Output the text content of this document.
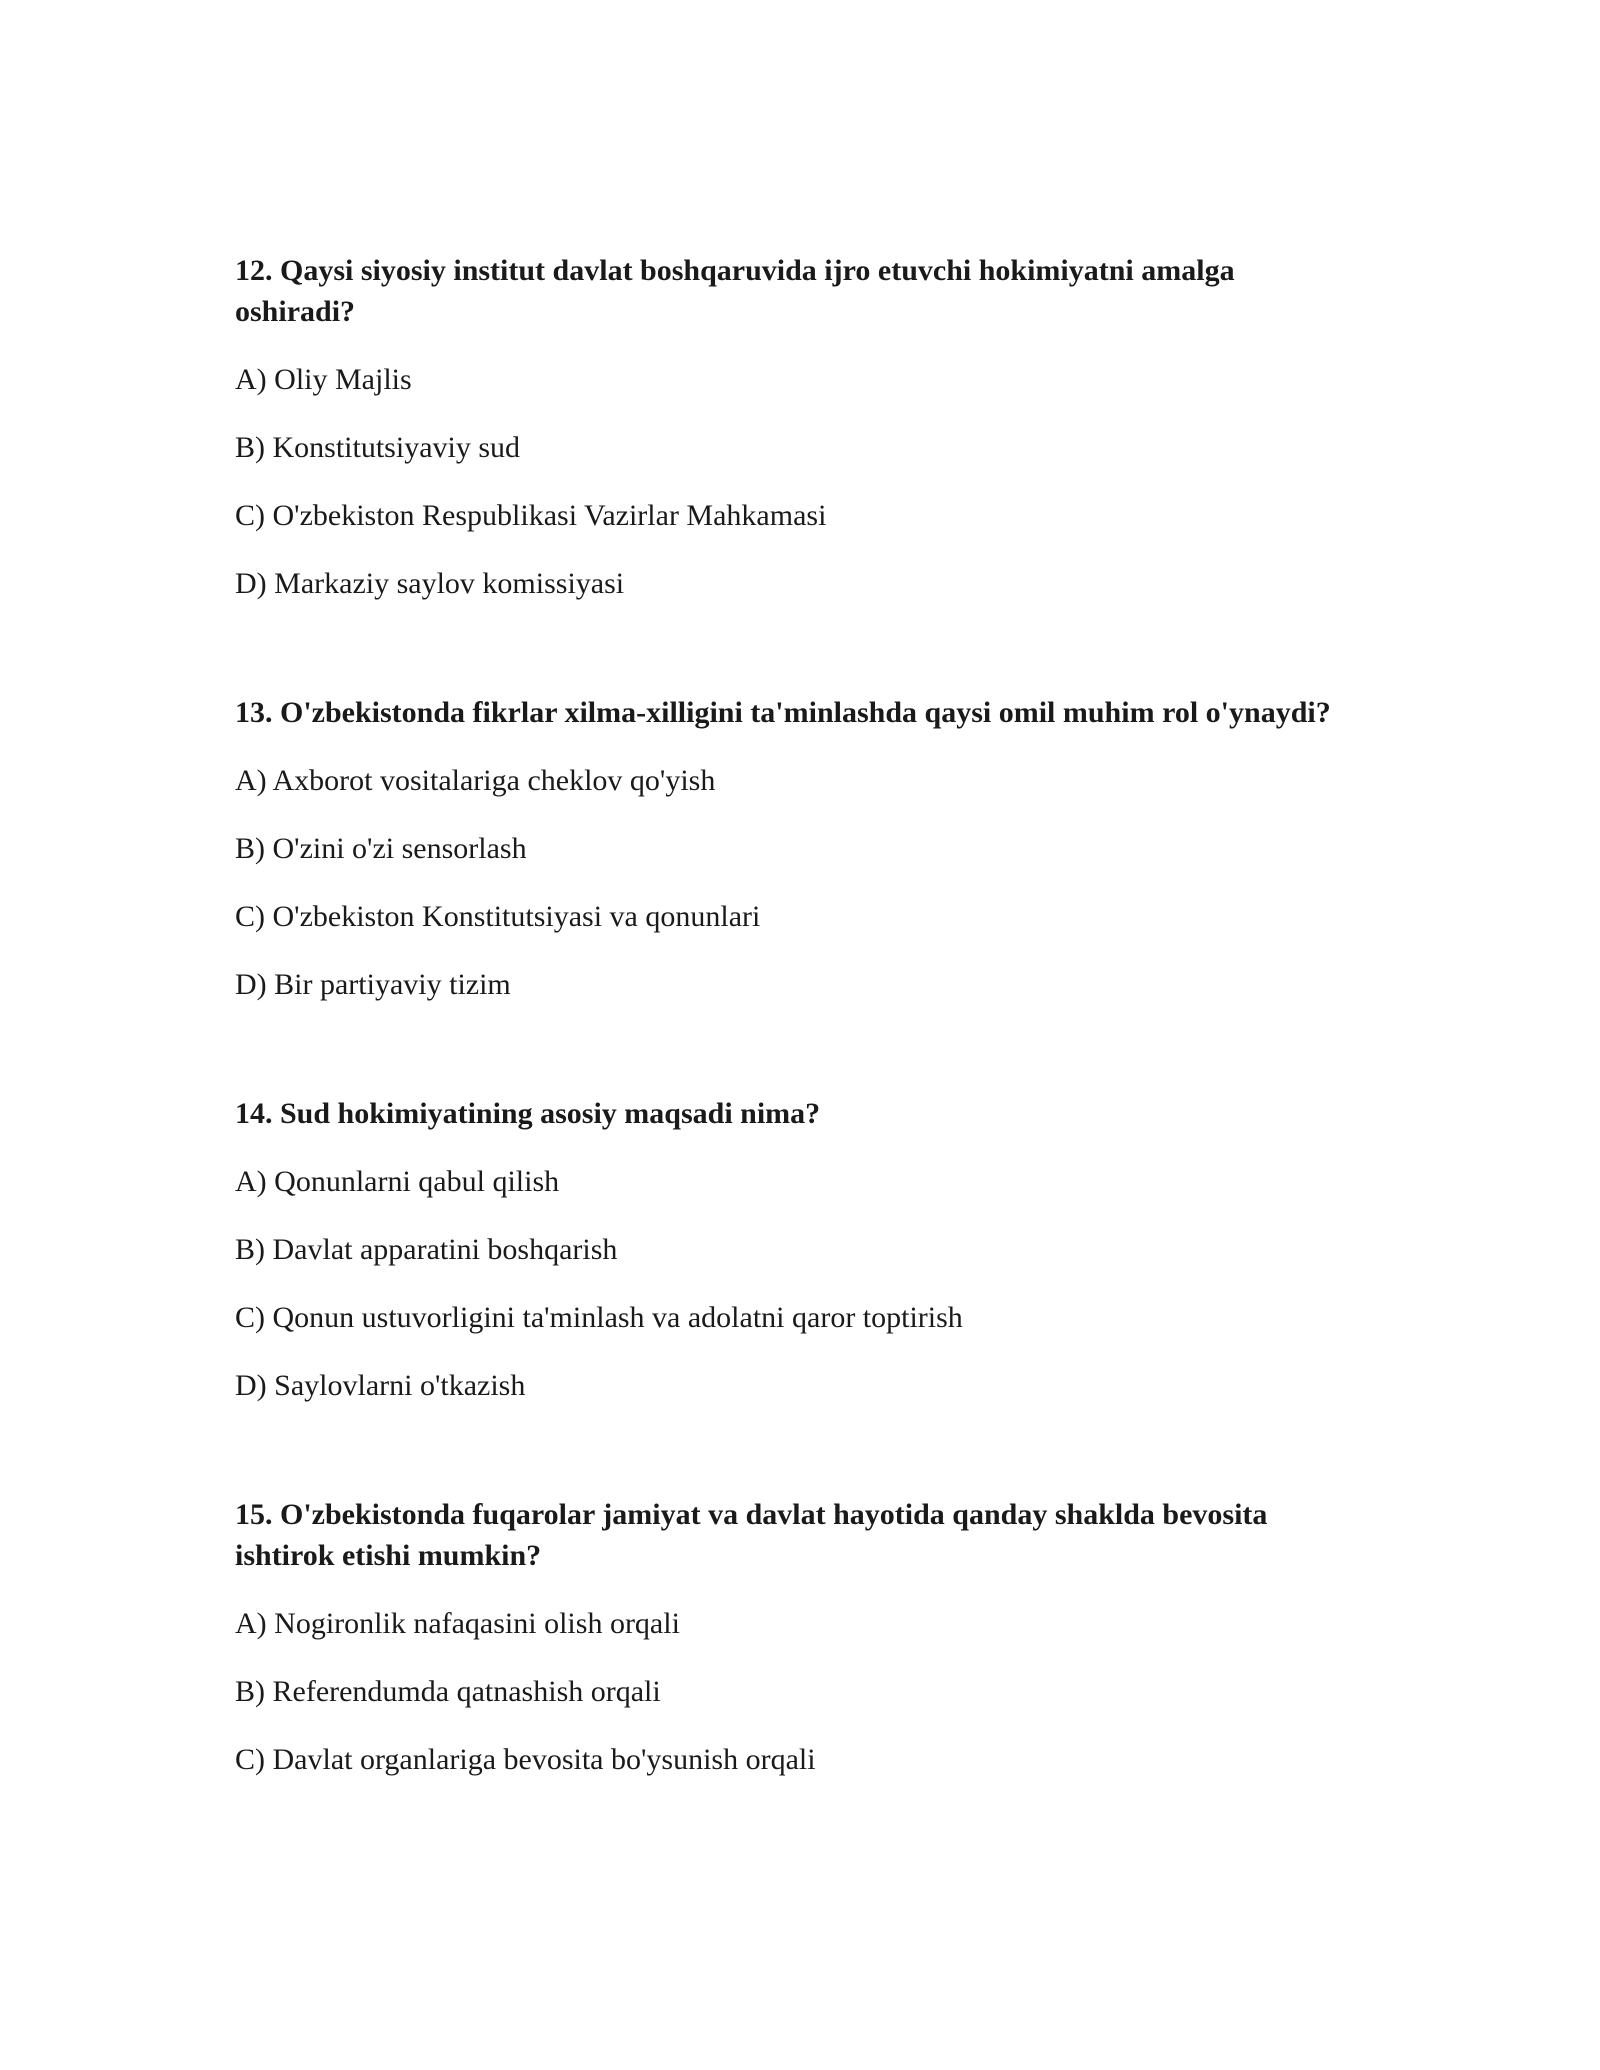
12. Qaysi siyosiy institut davlat boshqaruvida ijro etuvchi hokimiyatni amalga oshiradi?

A) Oliy Majlis

B) Konstitutsiyaviy sud

C) O'zbekiston Respublikasi Vazirlar Mahkamasi

D) Markaziy saylov komissiyasi

13. O'zbekistonda fikrlar xilma-xilligini ta'minlashda qaysi omil muhim rol o'ynaydi?

A) Axborot vositalariga cheklov qo'yish

B) O'zini o'zi sensorlash

C) O'zbekiston Konstitutsiyasi va qonunlari

D) Bir partiyaviy tizim

14. Sud hokimiyatining asosiy maqsadi nima?

A) Qonunlarni qabul qilish

B) Davlat apparatini boshqarish

C) Qonun ustuvorligini ta'minlash va adolatni qaror toptirish

D) Saylovlarni o'tkazish

15. O'zbekistonda fuqarolar jamiyat va davlat hayotida qanday shaklda bevosita ishtirok etishi mumkin?

A) Nogironlik nafaqasini olish orqali

B) Referendumda qatnashish orqali

C) Davlat organlariga bevosita bo'ysunish orqali
